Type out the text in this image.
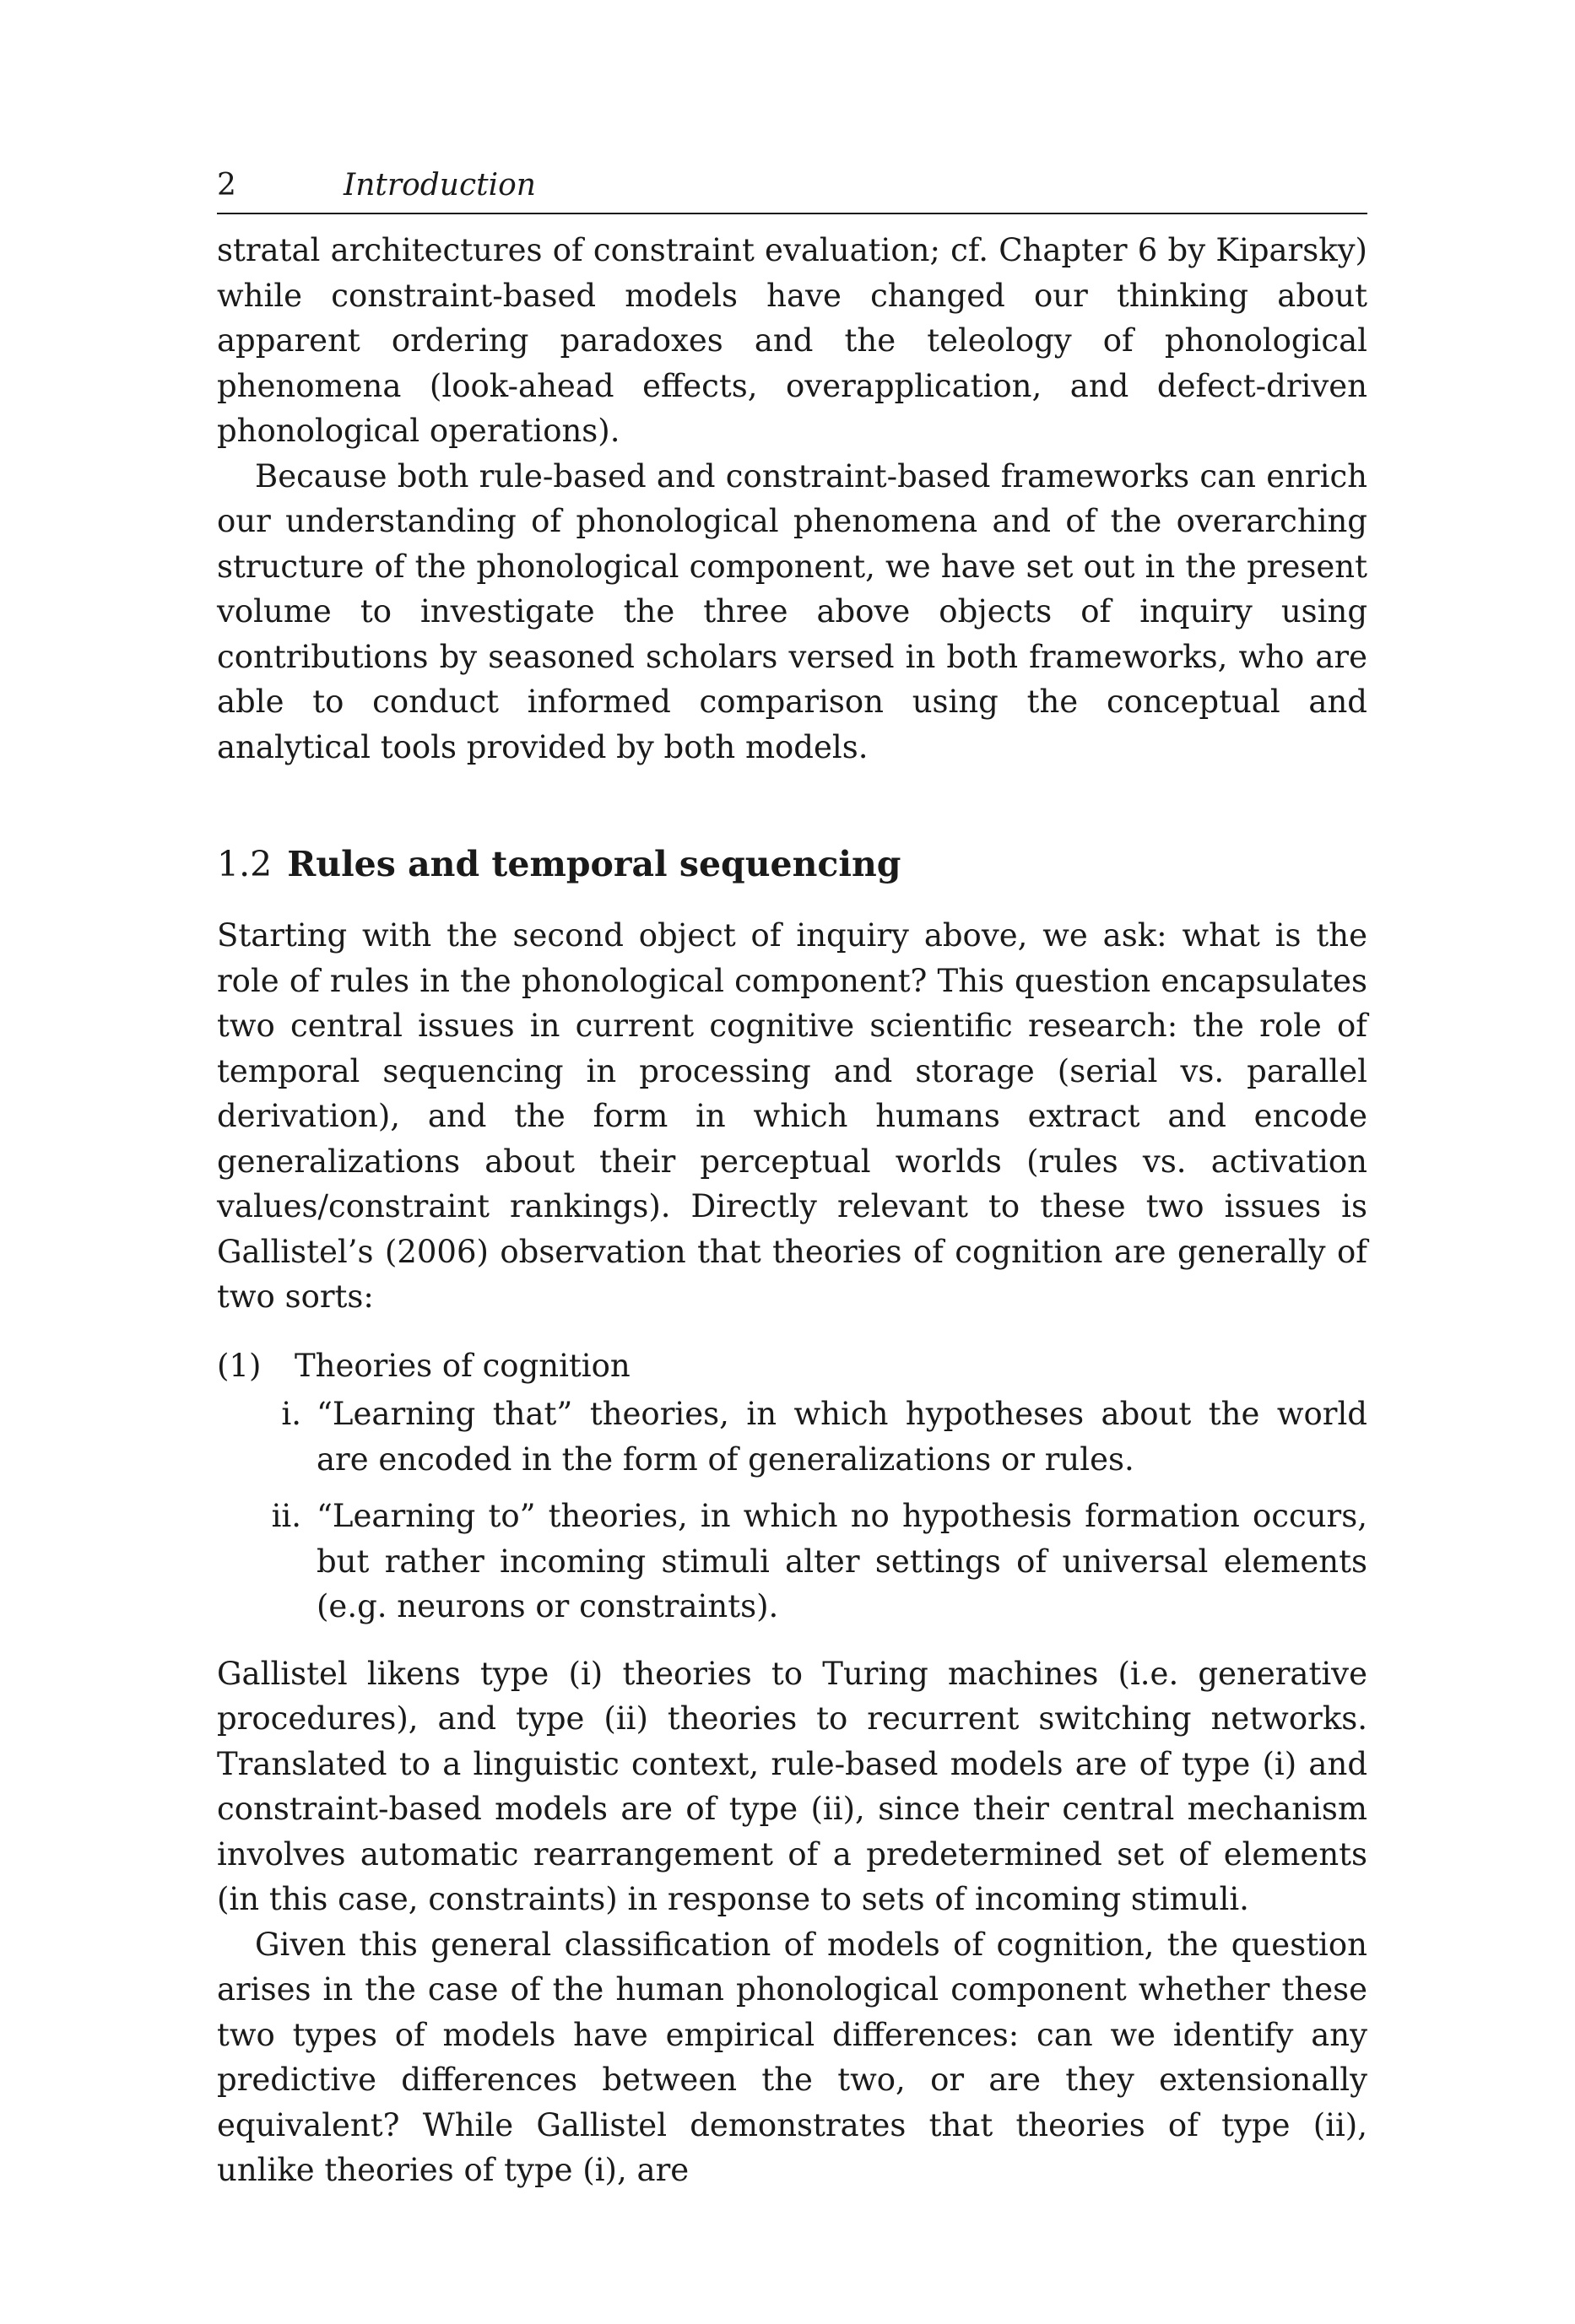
2	Introduction

stratal architectures of constraint evaluation; cf. Chapter 6 by Kiparsky) while constraint-based models have changed our thinking about apparent ordering paradoxes and the teleology of phonological phenomena (look-ahead effects, overapplication, and defect-driven phonological operations).

Because both rule-based and constraint-based frameworks can enrich our understanding of phonological phenomena and of the overarching structure of the phonological component, we have set out in the present volume to investigate the three above objects of inquiry using contributions by seasoned scholars versed in both frameworks, who are able to conduct informed comparison using the conceptual and analytical tools provided by both models.

1.2 Rules and temporal sequencing

Starting with the second object of inquiry above, we ask: what is the role of rules in the phonological component? This question encapsulates two central issues in current cognitive scientific research: the role of temporal sequencing in processing and storage (serial vs. parallel derivation), and the form in which humans extract and encode generalizations about their perceptual worlds (rules vs. activation values/constraint rankings). Directly relevant to these two issues is Gallistel’s (2006) observation that theories of cognition are generally of two sorts:

(1)	Theories of cognition
i. “Learning that” theories, in which hypotheses about the world are encoded in the form of generalizations or rules.
ii. “Learning to” theories, in which no hypothesis formation occurs, but rather incoming stimuli alter settings of universal elements (e.g. neurons or constraints).

Gallistel likens type (i) theories to Turing machines (i.e. generative procedures), and type (ii) theories to recurrent switching networks. Translated to a linguistic context, rule-based models are of type (i) and constraint-based models are of type (ii), since their central mechanism involves automatic rearrangement of a predetermined set of elements (in this case, constraints) in response to sets of incoming stimuli.

Given this general classification of models of cognition, the question arises in the case of the human phonological component whether these two types of models have empirical differences: can we identify any predictive differences between the two, or are they extensionally equivalent? While Gallistel demonstrates that theories of type (ii), unlike theories of type (i), are
